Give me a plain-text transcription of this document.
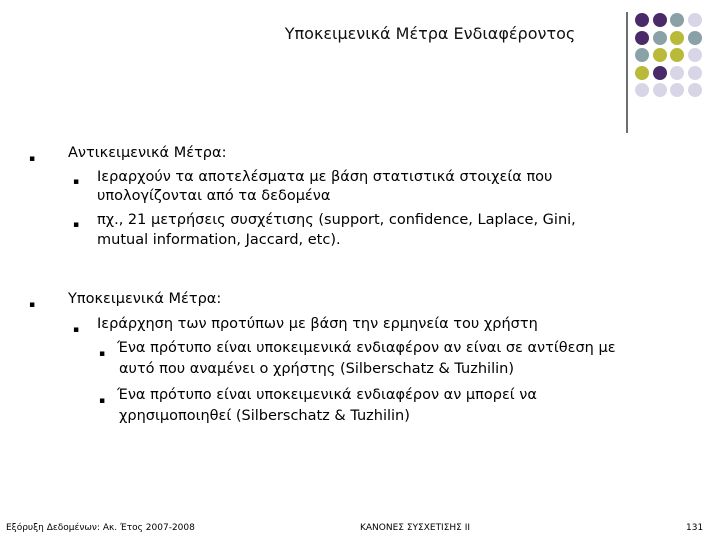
Υποκειμενικά Μέτρα Ενδιαφέροντος
▪ Αντικειμενικά Μέτρα:
▪ Ιεραρχούν τα αποτελέσματα με βάση στατιστικά στοιχεία που
υπολογίζονται από τα δεδομένα
▪ πχ., 21 μετρήσεις συσχέτισης (support, confidence, Laplace, Gini,
mutual information, Jaccard, etc).
▪ Υποκειμενικά Μέτρα:
▪ Ιεράρχηση των προτύπων με βάση την ερμηνεία του χρήστη
▪ Ένα πρότυπο είναι υποκειμενικά ενδιαφέρον αν είναι σε αντίθεση με
αυτό που αναμένει ο χρήστης (Silberschatz & Tuzhilin)
▪ Ένα πρότυπο είναι υποκειμενικά ενδιαφέρον αν μπορεί να
χρησιμοποιηθεί (Silberschatz & Tuzhilin)
Εξόρυξη Δεδομένων: Ακ. Έτος 2007-2008	ΚΑΝΟΝΕΣ ΣΥΣΧΕΤΙΣΗΣ ΙΙ	131
